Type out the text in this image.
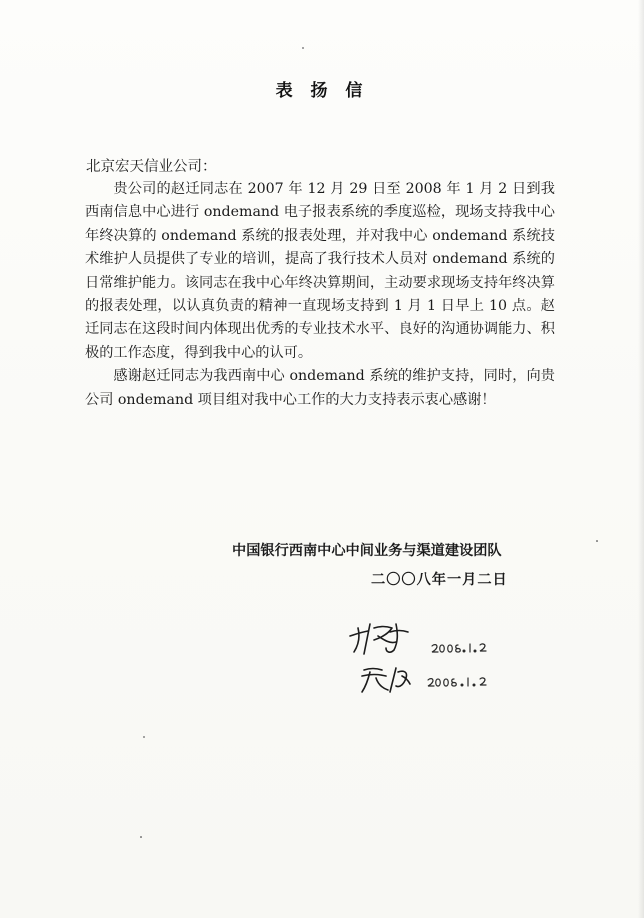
表 扬 信
北京宏天信业公司：

贵公司的赵迁同志在 2007 年 12 月 29 日至 2008 年 1 月 2 日到我西南信息中心进行 ondemand 电子报表系统的季度巡检，现场支持我中心年终决算的 ondemand 系统的报表处理，并对我中心 ondemand 系统技术维护人员提供了专业的培训，提高了我行技术人员对 ondemand 系统的日常维护能力。该同志在我中心年终决算期间，主动要求现场支持年终决算的报表处理，以认真负责的精神一直现场支持到 1 月 1 日早上 10 点。赵迁同志在这段时间内体现出优秀的专业技术水平、良好的沟通协调能力、积极的工作态度，得到我中心的认可。

感谢赵迁同志为我西南中心 ondemand 系统的维护支持，同时，向贵公司 ondemand 项目组对我中心工作的大力支持表示衷心感谢！

中国银行西南中心中间业务与渠道建设团队
二〇〇八年一月二日
